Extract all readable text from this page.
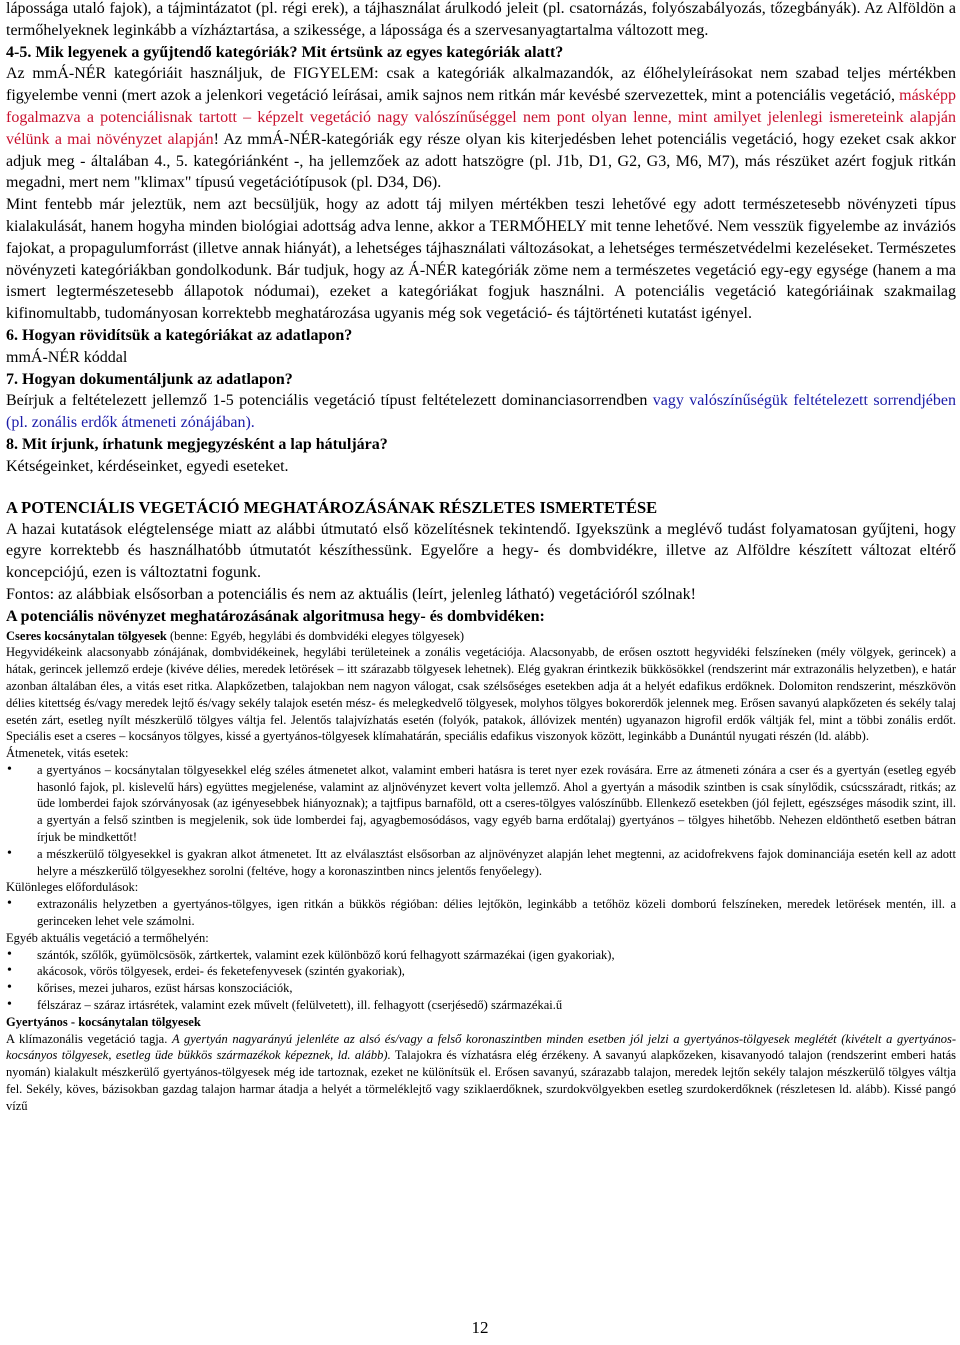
lápossága utaló fajok), a tájmintázatot (pl. régi erek), a tájhasználat árulkodó jeleit (pl. csatornázás, folyószabályozás, tőzegbányák). Az Alföldön a termőhelyeknek leginkább a vízháztartása, a szikessége, a lápossága és a szervesanyagtartalma változott meg.

4-5. Mik legyenek a gyűjtendő kategóriák? Mit értsünk az egyes kategóriák alatt?

Az mmÁ-NÉR kategóriáit használjuk, de FIGYELEM: csak a kategóriák alkalmazandók, az élőhelyleírásokat nem szabad teljes mértékben figyelembe venni (mert azok a jelenkori vegetáció leírásai, amik sajnos nem ritkán már kevésbé szervezettek, mint a potenciális vegetáció, másképp fogalmazva a potenciálisnak tartott – képzelt vegetáció nagy valószínűséggel nem pont olyan lenne, mint amilyet jelenlegi ismereteink alapján vélünk a mai növényzet alapján! Az mmÁ-NÉR-kategóriák egy része olyan kis kiterjedésben lehet potenciális vegetáció, hogy ezeket csak akkor adjuk meg - általában 4., 5. kategóriánként -, ha jellemzőek az adott hatszögre (pl. J1b, D1, G2, G3, M6, M7), más részüket azért fogjuk ritkán megadni, mert nem "klimax" típusú vegetációtípusok (pl. D34, D6).

Mint fentebb már jeleztük, nem azt becsüljük, hogy az adott táj milyen mértékben teszi lehetővé egy adott természetesebb növényzeti típus kialakulását, hanem hogyha minden biológiai adottság adva lenne, akkor a TERMŐHELY mit tenne lehetővé. Nem vesszük figyelembe az inváziós fajokat, a propagulumforrást (illetve annak hiányát), a lehetséges tájhasználati változásokat, a lehetséges természetvédelmi kezeléseket. Természetes növényzeti kategóriákban gondolkodunk. Bár tudjuk, hogy az Á-NÉR kategóriák zöme nem a természetes vegetáció egy-egy egysége (hanem a ma ismert legtermészetesebb állapotok nódumai), ezeket a kategóriákat fogjuk használni. A potenciális vegetáció kategóriáinak szakmailag kifinomultabb, tudományosan korrektebb meghatározása ugyanis még sok vegetáció- és tájtörténeti kutatást igényel.

6. Hogyan rövidítsük a kategóriákat az adatlapon?

mmÁ-NÉR kóddal

7. Hogyan dokumentáljunk az adatlapon?

Beírjuk a feltételezett jellemző 1-5 potenciális vegetáció típust feltételezett dominanciasorrendben vagy valószínűségük feltételezett sorrendjében (pl. zonális erdők átmeneti zónájában).

8. Mit írjunk, írhatunk megjegyzésként a lap hátuljára?

Kétségeinket, kérdéseinket, egyedi eseteket.

A POTENCIÁLIS VEGETÁCIÓ MEGHATÁROZÁSÁNAK RÉSZLETES ISMERTETÉSE

A hazai kutatások elégtelensége miatt az alábbi útmutató első közelítésnek tekintendő. Igyekszünk a meglévő tudást folyamatosan gyűjteni, hogy egyre korrektebb és használhatóbb útmutatót készíthessünk. Egyelőre a hegy- és dombvidékre, illetve az Alföldre készített változat eltérő koncepciójú, ezen is változtatni fogunk.

Fontos: az alábbiak elsősorban a potenciális és nem az aktuális (leírt, jelenleg látható) vegetációról szólnak!

A potenciális növényzet meghatározásának algoritmusa hegy- és dombvidéken:

Cseres kocsánytalan tölgyesek (benne: Egyéb, hegylábi és dombvidéki elegyes tölgyesek)

Hegyvidékeink alacsonyabb zónájának, dombvidékeinek, hegylábi területeinek a zonális vegetációja. Alacsonyabb, de erősen osztott hegyvidéki felszíneken (mély völgyek, gerincek) a hátak, gerincek jellemző erdeje (kivéve délies, meredek letörések – itt szárazabb tölgyesek lehetnek). Elég gyakran érintkezik bükkösökkel (rendszerint már extrazonális helyzetben), e határ azonban általában éles, a vitás eset ritka. Alapkőzetben, talajokban nem nagyon válogat, csak szélsőséges esetekben adja át a helyét edafikus erdőknek. Dolomiton rendszerint, mészkövön délies kitettség és/vagy meredek lejtő és/vagy sekély talajok esetén mész- és melegkedvelő tölgyesek, molyhos tölgyes bokorerdők jelennek meg. Erősen savanyú alapkőzeten és sekély talaj esetén zárt, esetleg nyílt mészkerülő tölgyes váltja fel. Jelentős talajvízhatás esetén (folyók, patakok, állóvizek mentén) ugyanazon higrofil erdők váltják fel, mint a többi zonális erdőt. Speciális eset a cseres – kocsányos tölgyes, kissé a gyertyános-tölgyesek klímahatárán, speciális edafikus viszonyok között, leginkább a Dunántúl nyugati részén (ld. alább).

Átmenetek, vitás esetek:

• a gyertyános – kocsánytalan tölgyesekkel elég széles átmenetet alkot, valamint emberi hatásra is teret nyer ezek rovására. Erre az átmeneti zónára a cser és a gyertyán (esetleg egyéb hasonló fajok, pl. kislevelű hárs) együttes megjelenése, valamint az aljnövényzet kevert volta jellemző. Ahol a gyertyán a második szintben is csak sínylődik, csúcsszáradt, ritkás; az üde lomberdei fajok szórványosak (az igényesebbek hiányoznak); a tajtfipus barnaföld, ott a cseres-tölgyes valószínűbb. Ellenkező esetekben (jól fejlett, egészséges második szint, ill. a gyertyán a felső szintben is megjelenik, sok üde lomberdei faj, agyagbemosódásos, vagy egyéb barna erdőtalaj) gyertyános – tölgyes hihetőbb. Nehezen eldönthető esetben bátran írjuk be mindkettőt!
• a mészkerülő tölgyesekkel is gyakran alkot átmenetet. Itt az elválasztást elsősorban az aljnövényzet alapján lehet megtenni, az acidofrekvens fajok dominanciája esetén kell az adott helyre a mészkerülő tölgyesekhez sorolni (feltéve, hogy a koronaszintben nincs jelentős fenyőelegy).

Különleges előfordulások:

• extrazonális helyzetben a gyertyános-tölgyes, igen ritkán a bükkös régióban: délies lejtőkön, leginkább a tetőhöz közeli domború felszíneken, meredek letörések mentén, ill. a gerinceken lehet vele számolni.

Egyéb aktuális vegetáció a termőhelyén:

• szántók, szőlők, gyümölcsösök, zártkertek, valamint ezek különböző korú felhagyott származékai (igen gyakoriak),
• akácosok, vörös tölgyesek, erdei- és feketefenyvesek (szintén gyakoriak),
• kőrises, mezei juharos, ezüst hársas konszociációk,
• félszáraz – száraz irtásrétek, valamint ezek művelt (felülvetett), ill. felhagyott (cserjésedő) származékai.ű

Gyertyános - kocsánytalan tölgyesek

A klímazonális vegetáció tagja. A gyertyán nagyarányú jelenléte az alsó és/vagy a felső koronaszintben minden esetben jól jelzi a gyertyános-tölgyesek meglétét (kivételt a gyertyános-kocsányos tölgyesek, esetleg üde bükkös származékok képeznek, ld. alább). Talajokra és vízhatásra elég érzékeny. A savanyú alapkőzeken, kisavanyodó talajon (rendszerint emberi hatás nyomán) kialakult mészkerülő gyertyános-tölgyesek még ide tartoznak, ezeket ne különítsük el. Erősen savanyú, szárazabb talajon, meredek lejtőn sekély talajon mészkerülő tölgyes váltja fel. Sekély, köves, bázisokban gazdag talajon harmar átadja a helyét a törmeléklejtő vagy sziklaerdőknek, szurdokvölgyekben esetleg szurdokerdőknek (részletesen ld. alább). Kissé pangó vízű

12
